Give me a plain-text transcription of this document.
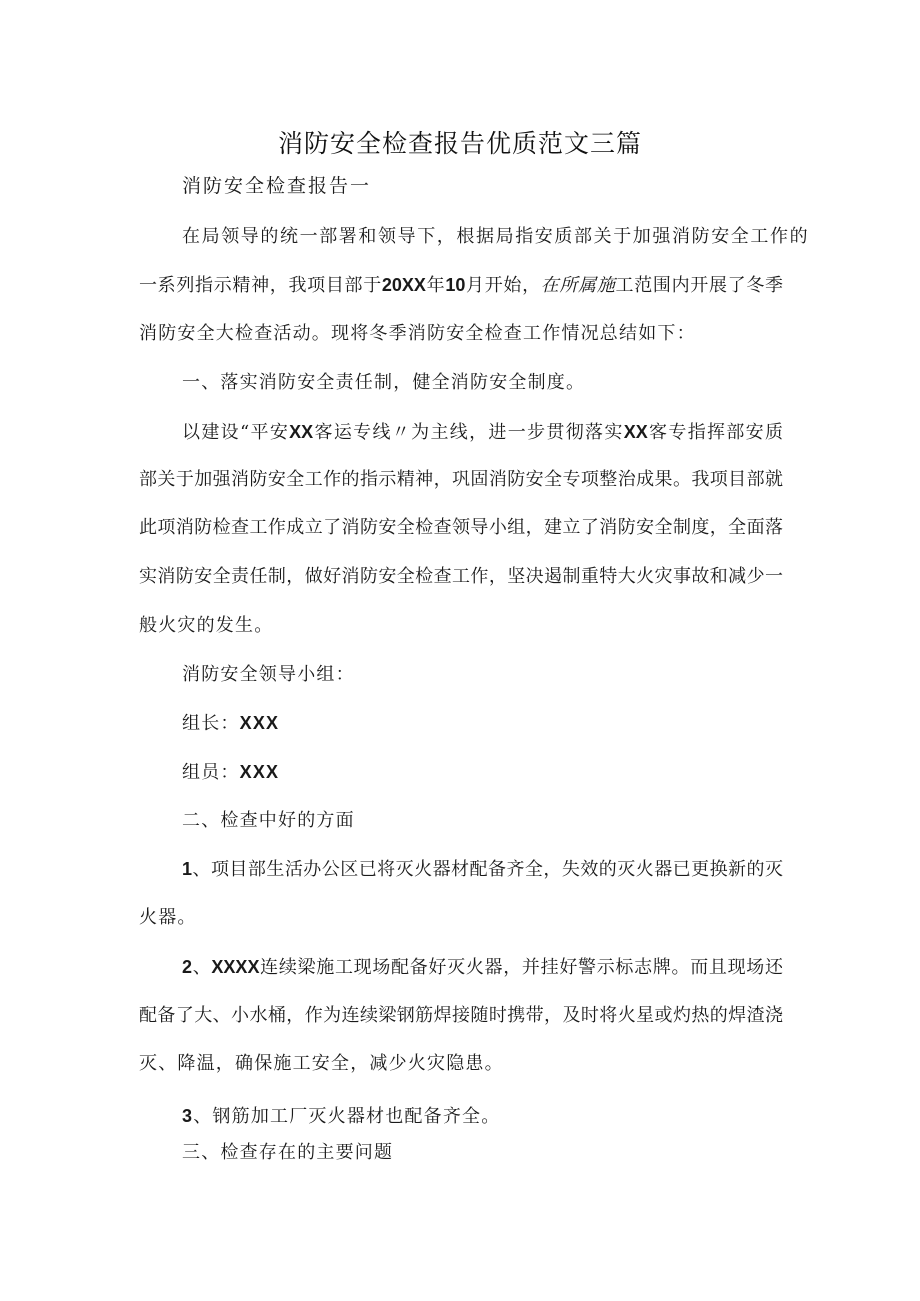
消防安全检查报告优质范文三篇
消防安全检查报告一
在局领导的统一部署和领导下，根据局指安质部关于加强消防安全工作的
一系列指示精神，我项目部于20XX年10月开始，在所属施工范围内开展了冬季
消防安全大检查活动。现将冬季消防安全检查工作情况总结如下：
一、落实消防安全责任制，健全消防安全制度。
以建设“平安XX客运专线〃为主线，进一步贯彻落实XX客专指挥部安质
部关于加强消防安全工作的指示精神，巩固消防安全专项整治成果。我项目部就
此项消防检查工作成立了消防安全检查领导小组，建立了消防安全制度，全面落
实消防安全责任制，做好消防安全检查工作，坚决遏制重特大火灾事故和减少一
般火灾的发生。
消防安全领导小组：
组长：XXX
组员：XXX
二、检查中好的方面
1、项目部生活办公区已将灭火器材配备齐全，失效的灭火器已更换新的灭
火器。
2、XXXX连续梁施工现场配备好灭火器，并挂好警示标志牌。而且现场还
配备了大、小水桶，作为连续梁钢筋焊接随时携带，及时将火星或灼热的焊渣浇
灭、降温，确保施工安全，减少火灾隐患。
3、钢筋加工厂灭火器材也配备齐全。
三、检查存在的主要问题
